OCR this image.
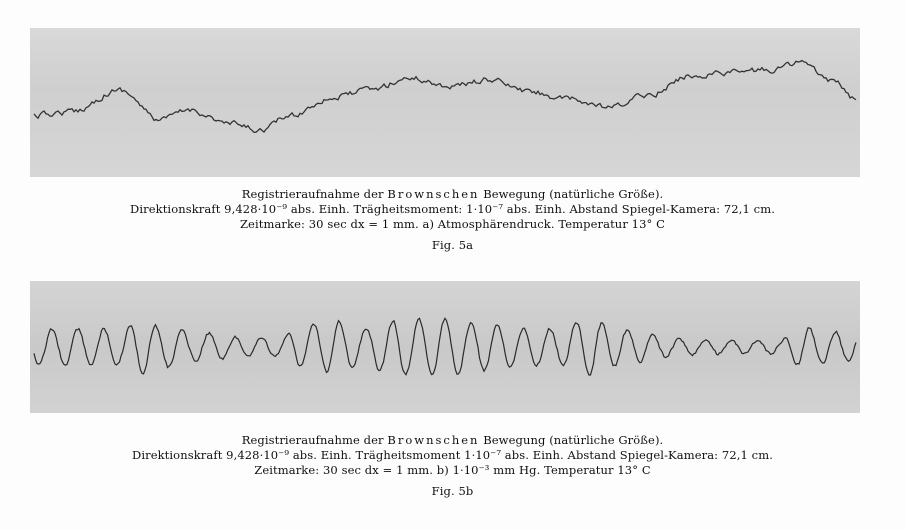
Registrieraufnahme der Brownschen Bewegung (natürliche Größe).
Direktionskraft 9,428·10⁻⁹ abs. Einh. Trägheitsmoment: 1·10⁻⁷ abs. Einh. Abstand Spiegel-Kamera: 72,1 cm.
Zeitmarke: 30 sec dx = 1 mm. a) Atmosphärendruck. Temperatur 13° C
Fig. 5a
Registrieraufnahme der Brownschen Bewegung (natürliche Größe).
Direktionskraft 9,428·10⁻⁹ abs. Einh. Trägheitsmoment 1·10⁻⁷ abs. Einh. Abstand Spiegel-Kamera: 72,1 cm.
Zeitmarke: 30 sec dx = 1 mm. b) 1·10⁻³ mm Hg. Temperatur 13° C
Fig. 5b
